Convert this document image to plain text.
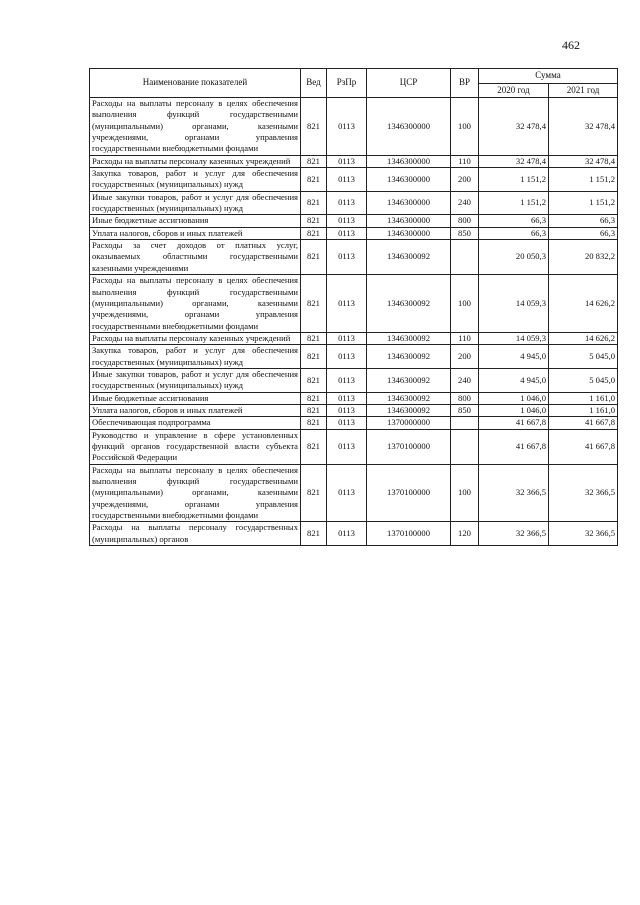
462
Наименование показателей	Вед	РзПр	ЦСР	ВР	Сумма	
					2020 год	2021 год
Расходы на выплаты персоналу в целях обеспечения выполнения функций государственными (муниципальными) органами, казенными учреждениями, органами управления государственными внебюджетными фондами	821	0113	1346300000	100	32 478,4	32 478,4
Расходы на выплаты персоналу казенных учреждений	821	0113	1346300000	110	32 478,4	32 478,4
Закупка товаров, работ и услуг для обеспечения государственных (муниципальных) нужд	821	0113	1346300000	200	1 151,2	1 151,2
Иные закупки товаров, работ и услуг для обеспечения государственных (муниципальных) нужд	821	0113	1346300000	240	1 151,2	1 151,2
Иные бюджетные ассигнования	821	0113	1346300000	800	66,3	66,3
Уплата налогов, сборов и иных платежей	821	0113	1346300000	850	66,3	66,3
Расходы за счет доходов от платных услуг, оказываемых областными государственными казенными учреждениями	821	0113	1346300092		20 050,3	20 832,2
Расходы на выплаты персоналу в целях обеспечения выполнения функций государственными (муниципальными) органами, казенными учреждениями, органами управления государственными внебюджетными фондами	821	0113	1346300092	100	14 059,3	14 626,2
Расходы на выплаты персоналу казенных учреждений	821	0113	1346300092	110	14 059,3	14 626,2
Закупка товаров, работ и услуг для обеспечения государственных (муниципальных) нужд	821	0113	1346300092	200	4 945,0	5 045,0
Иные закупки товаров, работ и услуг для обеспечения государственных (муниципальных) нужд	821	0113	1346300092	240	4 945,0	5 045,0
Иные бюджетные ассигнования	821	0113	1346300092	800	1 046,0	1 161,0
Уплата налогов, сборов и иных платежей	821	0113	1346300092	850	1 046,0	1 161,0
Обеспечивающая подпрограмма	821	0113	1370000000		41 667,8	41 667,8
Руководство и управление в сфере установленных функций органов государственной власти субъекта Российской Федерации	821	0113	1370100000		41 667,8	41 667,8
Расходы на выплаты персоналу в целях обеспечения выполнения функций государственными (муниципальными) органами, казенными учреждениями, органами управления государственными внебюджетными фондами	821	0113	1370100000	100	32 366,5	32 366,5
Расходы на выплаты персоналу государственных (муниципальных) органов	821	0113	1370100000	120	32 366,5	32 366,5
